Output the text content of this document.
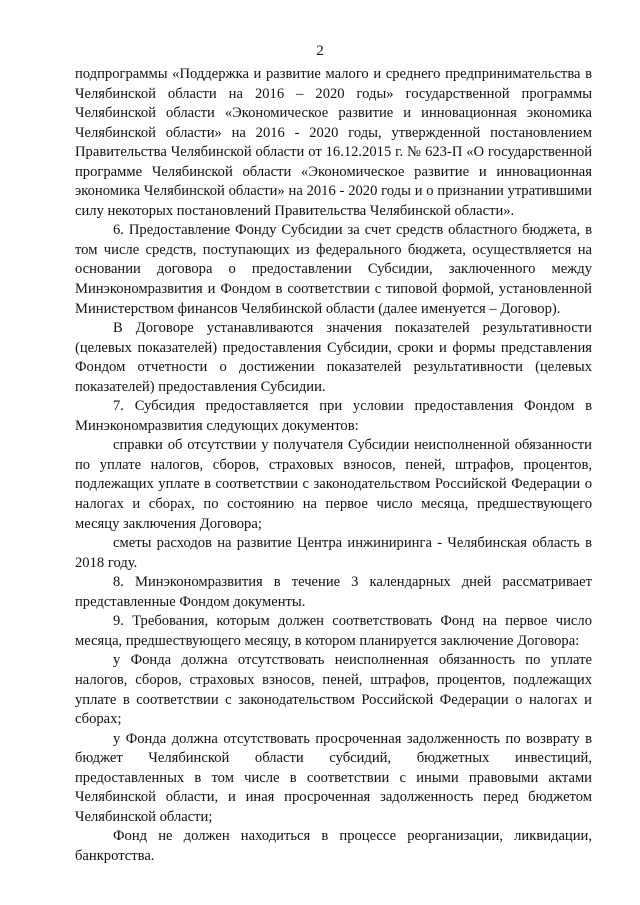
2

подпрограммы «Поддержка и развитие малого и среднего предпринимательства в Челябинской области на 2016 – 2020 годы» государственной программы Челябинской области «Экономическое развитие и инновационная экономика Челябинской области» на 2016 - 2020 годы, утвержденной постановлением Правительства Челябинской области от 16.12.2015 г. № 623-П «О государственной программе Челябинской области «Экономическое развитие и инновационная экономика Челябинской области» на 2016 - 2020 годы и о признании утратившими силу некоторых постановлений Правительства Челябинской области».

6. Предоставление Фонду Субсидии за счет средств областного бюджета, в том числе средств, поступающих из федерального бюджета, осуществляется на основании договора о предоставлении Субсидии, заключенного между Минэкономразвития и Фондом в соответствии с типовой формой, установленной Министерством финансов Челябинской области (далее именуется – Договор).

В Договоре устанавливаются значения показателей результативности (целевых показателей) предоставления Субсидии, сроки и формы представления Фондом отчетности о достижении показателей результативности (целевых показателей) предоставления Субсидии.

7. Субсидия предоставляется при условии предоставления Фондом в Минэкономразвития следующих документов:

справки об отсутствии у получателя Субсидии неисполненной обязанности по уплате налогов, сборов, страховых взносов, пеней, штрафов, процентов, подлежащих уплате в соответствии с законодательством Российской Федерации о налогах и сборах, по состоянию на первое число месяца, предшествующего месяцу заключения Договора;

сметы расходов на развитие Центра инжиниринга - Челябинская область в 2018 году.

8. Минэкономразвития в течение 3 календарных дней рассматривает представленные Фондом документы.

9. Требования, которым должен соответствовать Фонд на первое число месяца, предшествующего месяцу, в котором планируется заключение Договора:

у Фонда должна отсутствовать неисполненная обязанность по уплате налогов, сборов, страховых взносов, пеней, штрафов, процентов, подлежащих уплате в соответствии с законодательством Российской Федерации о налогах и сборах;

у Фонда должна отсутствовать просроченная задолженность по возврату в бюджет Челябинской области субсидий, бюджетных инвестиций, предоставленных в том числе в соответствии с иными правовыми актами Челябинской области, и иная просроченная задолженность перед бюджетом Челябинской области;

Фонд не должен находиться в процессе реорганизации, ликвидации, банкротства.
